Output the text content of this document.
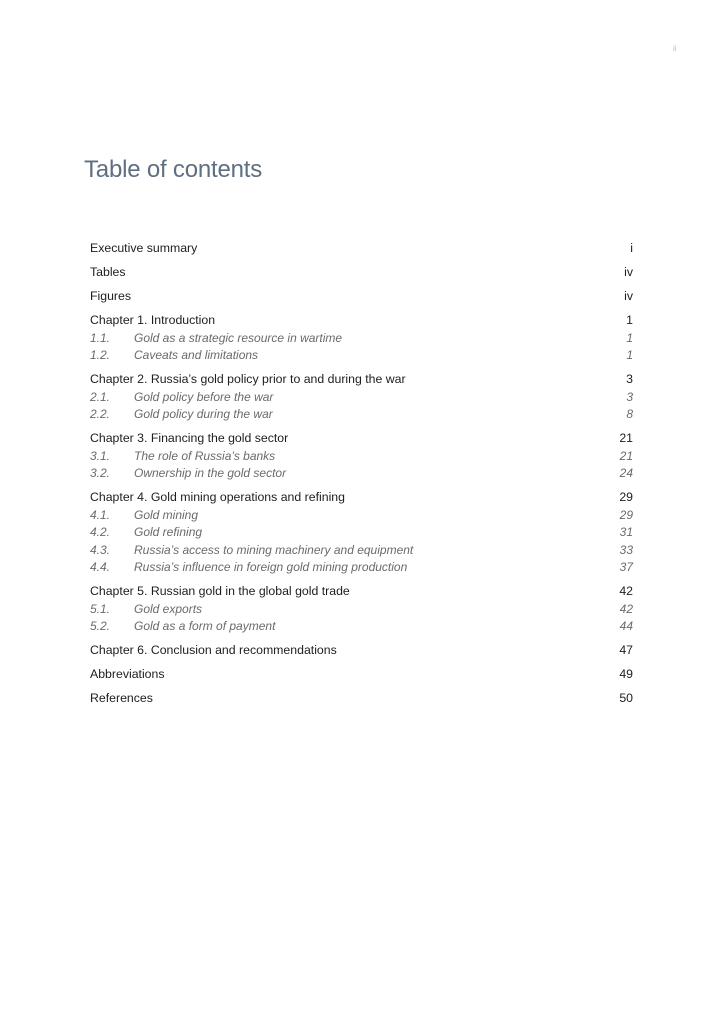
ii
Table of contents
Executive summary	i
Tables	iv
Figures	iv
Chapter 1. Introduction	1
1.1.	Gold as a strategic resource in wartime	1
1.2.	Caveats and limitations	1
Chapter 2. Russia’s gold policy prior to and during the war	3
2.1.	Gold policy before the war	3
2.2.	Gold policy during the war	8
Chapter 3. Financing the gold sector	21
3.1.	The role of Russia’s banks	21
3.2.	Ownership in the gold sector	24
Chapter 4. Gold mining operations and refining	29
4.1.	Gold mining	29
4.2.	Gold refining	31
4.3.	Russia’s access to mining machinery and equipment	33
4.4.	Russia’s influence in foreign gold mining production	37
Chapter 5. Russian gold in the global gold trade	42
5.1.	Gold exports	42
5.2.	Gold as a form of payment	44
Chapter 6. Conclusion and recommendations	47
Abbreviations	49
References	50
